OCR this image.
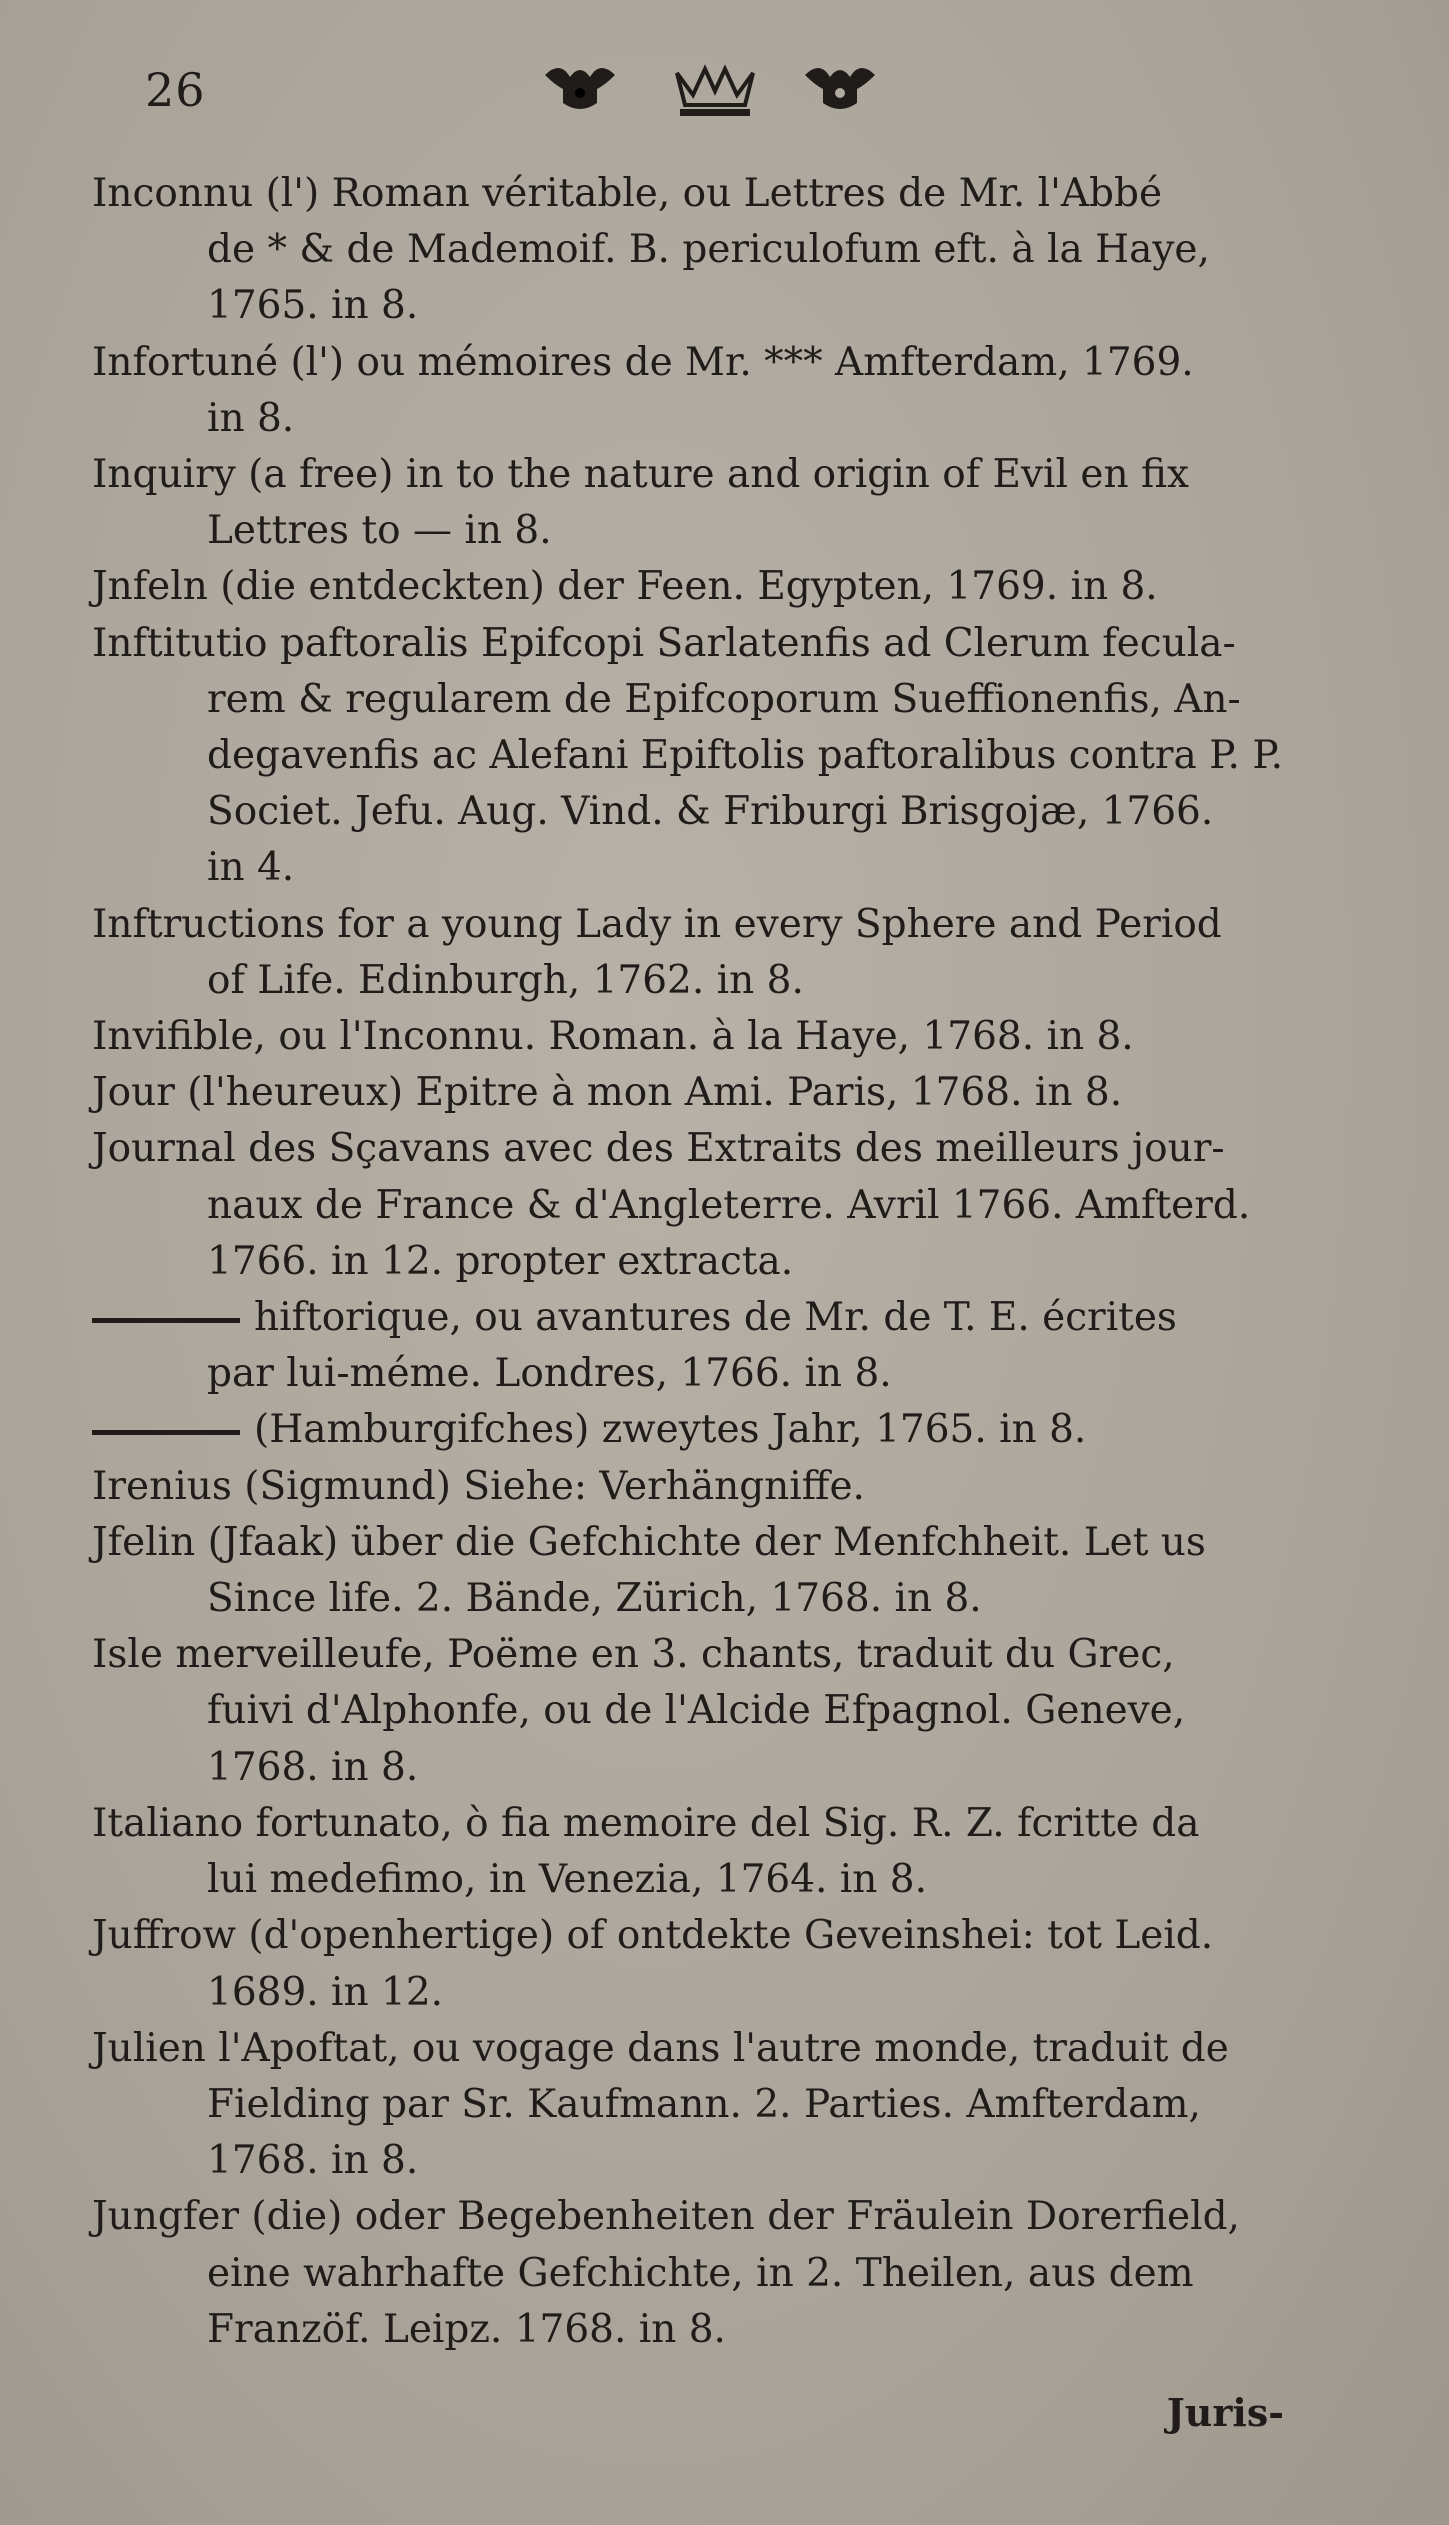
26
Inconnu (l') Roman véritable, ou Lettres de Mr. l'Abbé
de * & de Mademoif. B. periculofum eft. à la Haye,
1765. in 8.
Infortuné (l') ou mémoires de Mr. *** Amfterdam, 1769.
in 8.
Inquiry (a free) in to the nature and origin of Evil en fix
Lettres to — in 8.
Jnfeln (die entdeckten) der Feen. Egypten, 1769. in 8.
Inftitutio paftoralis Epifcopi Sarlatenfis ad Clerum fecula-
rem & regularem de Epifcoporum Sueffionenfis, An-
degavenfis ac Alefani Epiftolis paftoralibus contra P. P.
Societ. Jefu. Aug. Vind. & Friburgi Brisgojæ, 1766.
in 4.
Inftructions for a young Lady in every Sphere and Period
of Life. Edinburgh, 1762. in 8.
Invifible, ou l'Inconnu. Roman. à la Haye, 1768. in 8.
Jour (l'heureux) Epitre à mon Ami. Paris, 1768. in 8.
Journal des Sçavans avec des Extraits des meilleurs jour-
naux de France & d'Angleterre. Avril 1766. Amfterd.
1766. in 12. propter extracta.
hiftorique, ou avantures de Mr. de T. E. écrites
par lui-méme. Londres, 1766. in 8.
(Hamburgifches) zweytes Jahr, 1765. in 8.
Irenius (Sigmund) Siehe: Verhängniffe.
Jfelin (Jfaak) über die Gefchichte der Menfchheit. Let us
Since life. 2. Bände, Zürich, 1768. in 8.
Isle merveilleufe, Poëme en 3. chants, traduit du Grec,
fuivi d'Alphonfe, ou de l'Alcide Efpagnol. Geneve,
1768. in 8.
Italiano fortunato, ò fia memoire del Sig. R. Z. fcritte da
lui medefimo, in Venezia, 1764. in 8.
Juffrow (d'openhertige) of ontdekte Geveinshei: tot Leid.
1689. in 12.
Julien l'Apoftat, ou vogage dans l'autre monde, traduit de
Fielding par Sr. Kaufmann. 2. Parties. Amfterdam,
1768. in 8.
Jungfer (die) oder Begebenheiten der Fräulein Dorerfield,
eine wahrhafte Gefchichte, in 2. Theilen, aus dem
Franzöf. Leipz. 1768. in 8.
Juris-
